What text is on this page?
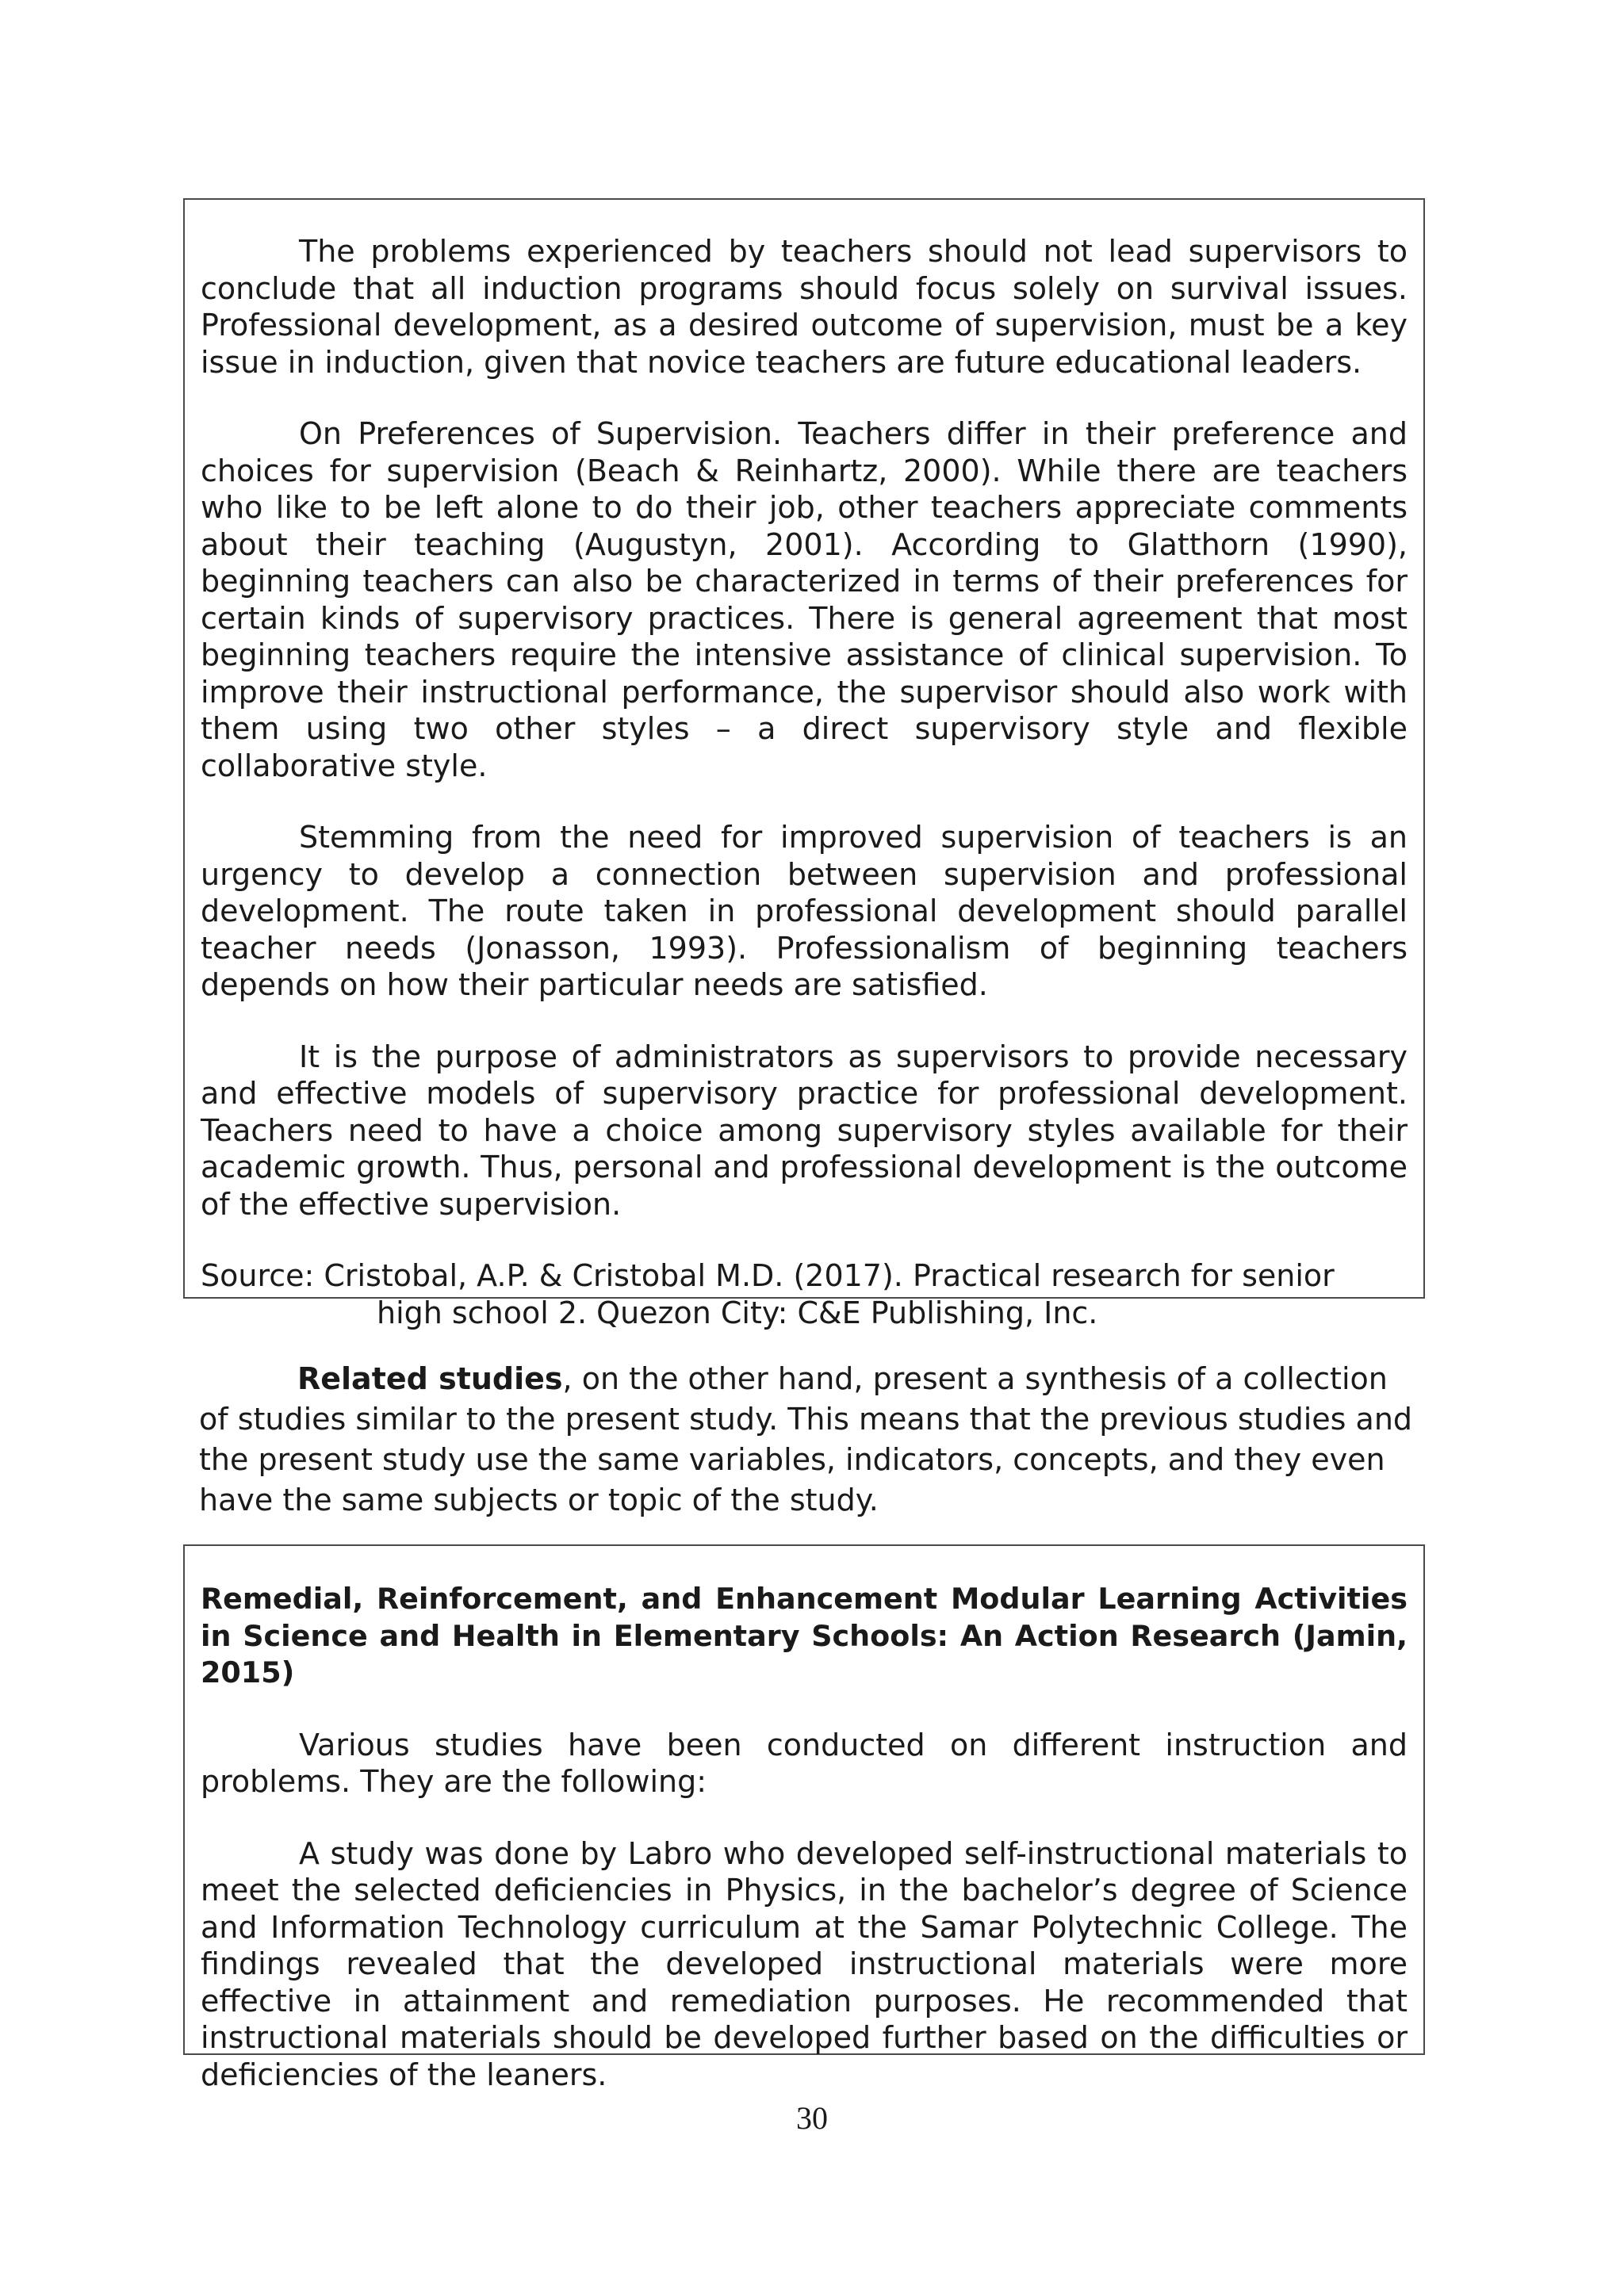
The problems experienced by teachers should not lead supervisors to conclude that all induction programs should focus solely on survival issues. Professional development, as a desired outcome of supervision, must be a key issue in induction, given that novice teachers are future educational leaders.

On Preferences of Supervision. Teachers differ in their preference and choices for supervision (Beach & Reinhartz, 2000). While there are teachers who like to be left alone to do their job, other teachers appreciate comments about their teaching (Augustyn, 2001). According to Glatthorn (1990), beginning teachers can also be characterized in terms of their preferences for certain kinds of supervisory practices. There is general agreement that most beginning teachers require the intensive assistance of clinical supervision. To improve their instructional performance, the supervisor should also work with them using two other styles – a direct supervisory style and flexible collaborative style.

Stemming from the need for improved supervision of teachers is an urgency to develop a connection between supervision and professional development. The route taken in professional development should parallel teacher needs (Jonasson, 1993). Professionalism of beginning teachers depends on how their particular needs are satisfied.

It is the purpose of administrators as supervisors to provide necessary and effective models of supervisory practice for professional development. Teachers need to have a choice among supervisory styles available for their academic growth. Thus, personal and professional development is the outcome of the effective supervision.

Source: Cristobal, A.P. & Cristobal M.D. (2017). Practical research for senior high school 2. Quezon City: C&E Publishing, Inc.

Related studies, on the other hand, present a synthesis of a collection of studies similar to the present study. This means that the previous studies and the present study use the same variables, indicators, concepts, and they even have the same subjects or topic of the study.

Remedial, Reinforcement, and Enhancement Modular Learning Activities in Science and Health in Elementary Schools: An Action Research (Jamin, 2015)

Various studies have been conducted on different instruction and problems. They are the following:

A study was done by Labro who developed self-instructional materials to meet the selected deficiencies in Physics, in the bachelor’s degree of Science and Information Technology curriculum at the Samar Polytechnic College. The findings revealed that the developed instructional materials were more effective in attainment and remediation purposes. He recommended that instructional materials should be developed further based on the difficulties or deficiencies of the leaners.

30
